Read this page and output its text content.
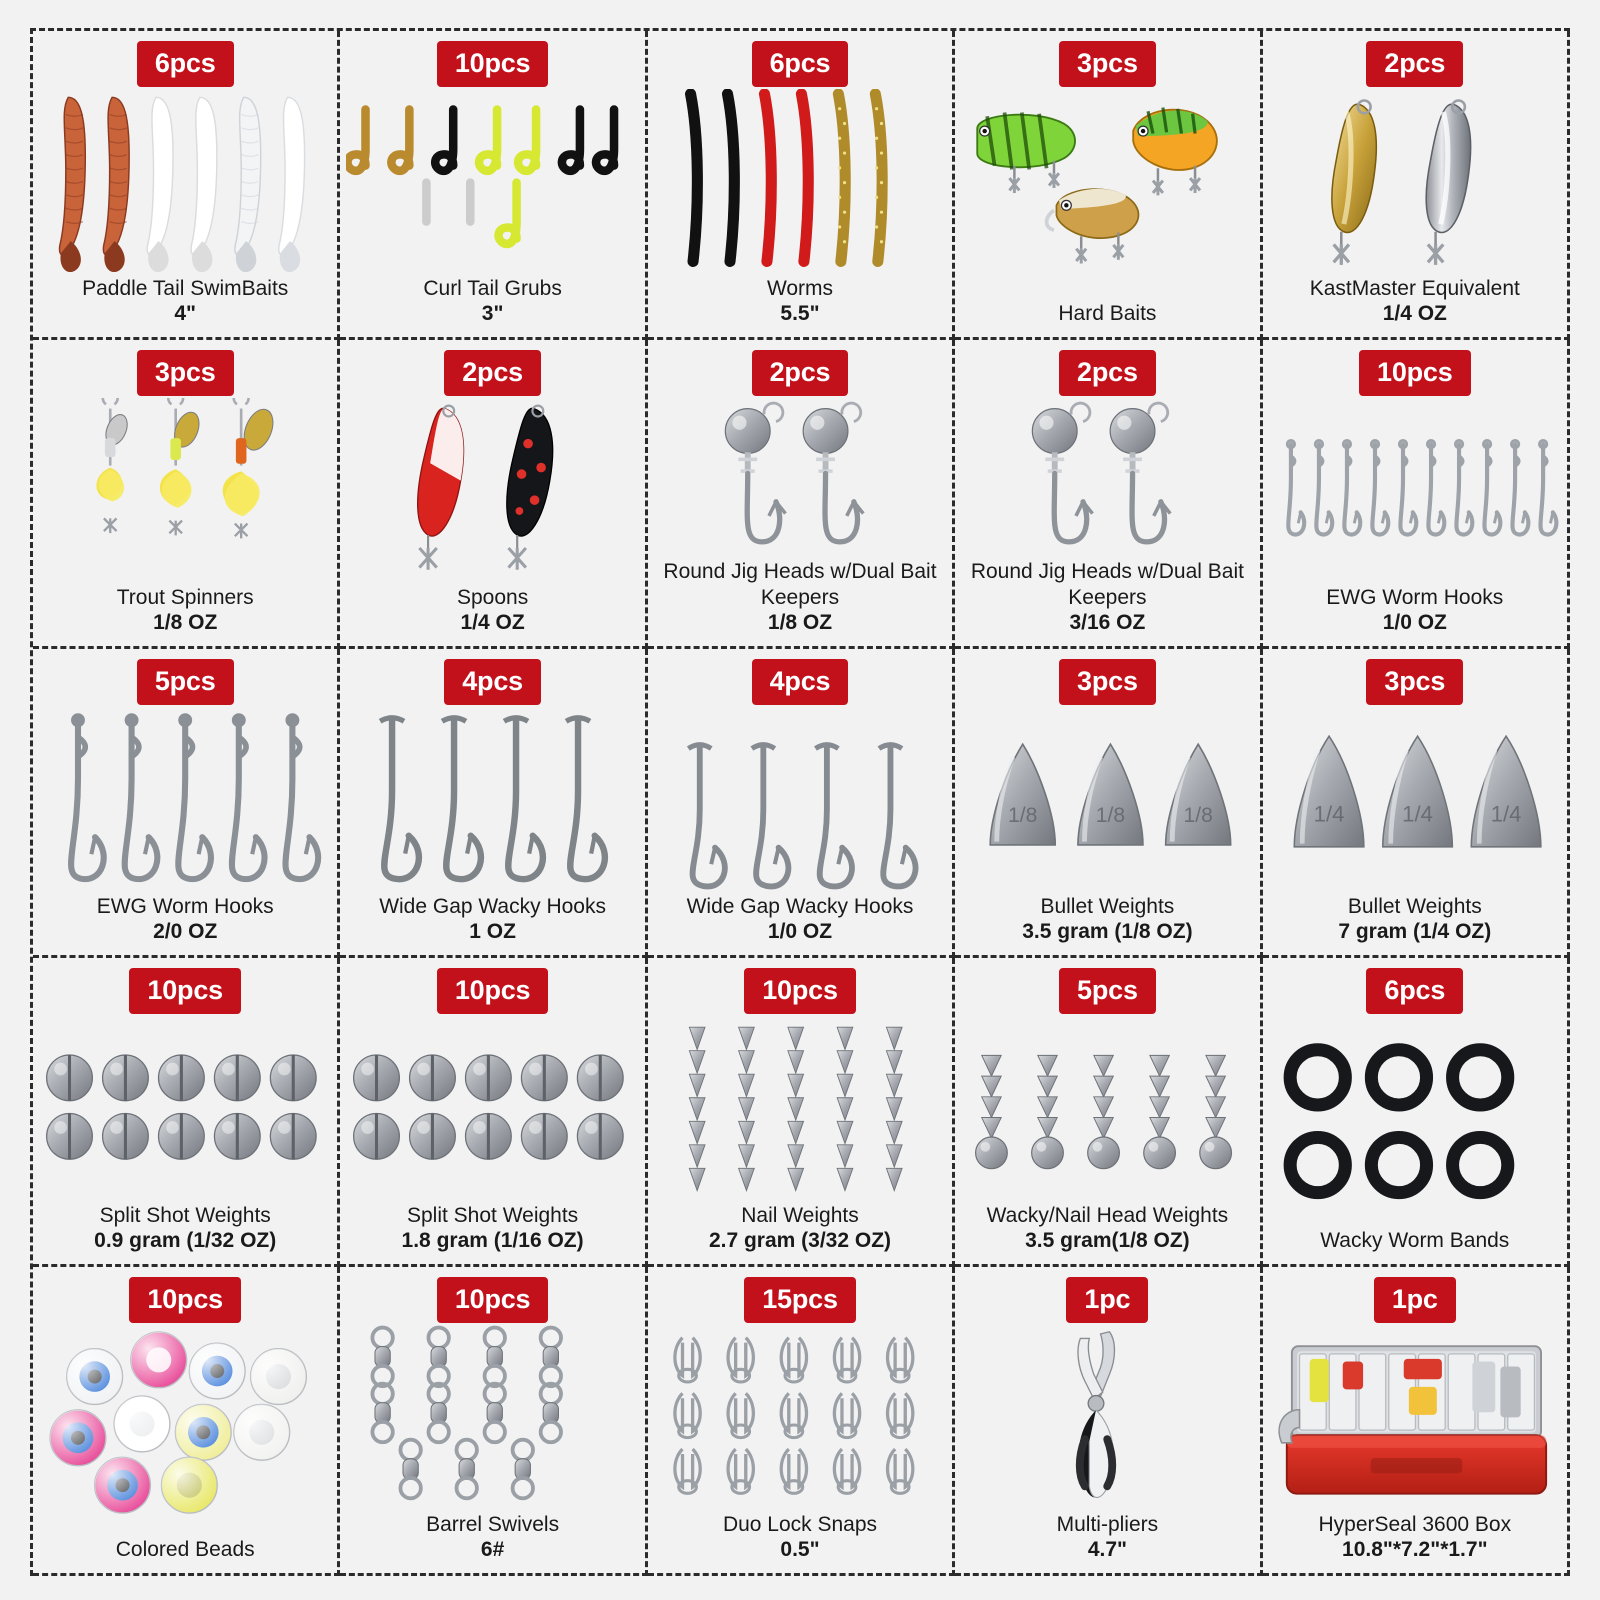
6pcs
Paddle Tail SwimBaits
4"
10pcs
Curl Tail Grubs
3"
6pcs
Worms
5.5"
3pcs
Hard Baits
2pcs
KastMaster Equivalent
1/4 OZ
3pcs
Trout Spinners
1/8 OZ
2pcs
Spoons
1/4 OZ
2pcs
Round Jig Heads w/Dual Bait Keepers
1/8 OZ
2pcs
Round Jig Heads w/Dual Bait Keepers
3/16 OZ
10pcs
EWG Worm Hooks
1/0 OZ
5pcs
EWG Worm Hooks
2/0 OZ
4pcs
Wide Gap Wacky Hooks
1 OZ
4pcs
Wide Gap Wacky Hooks
1/0 OZ
3pcs
1/8	1/8	1/8
Bullet Weights
3.5 gram (1/8 OZ)
3pcs
1/4	1/4	1/4
Bullet Weights
7 gram (1/4 OZ)
10pcs
Split Shot Weights
0.9 gram (1/32 OZ)
10pcs
Split Shot Weights
1.8 gram (1/16 OZ)
10pcs
Nail Weights
2.7 gram (3/32 OZ)
5pcs
Wacky/Nail Head Weights
3.5 gram(1/8 OZ)
6pcs
Wacky Worm Bands
10pcs
Colored Beads
10pcs
Barrel Swivels
6#
15pcs
Duo Lock Snaps
0.5"
1pc
Multi-pliers
4.7"
1pc
HyperSeal 3600 Box
10.8"*7.2"*1.7"
